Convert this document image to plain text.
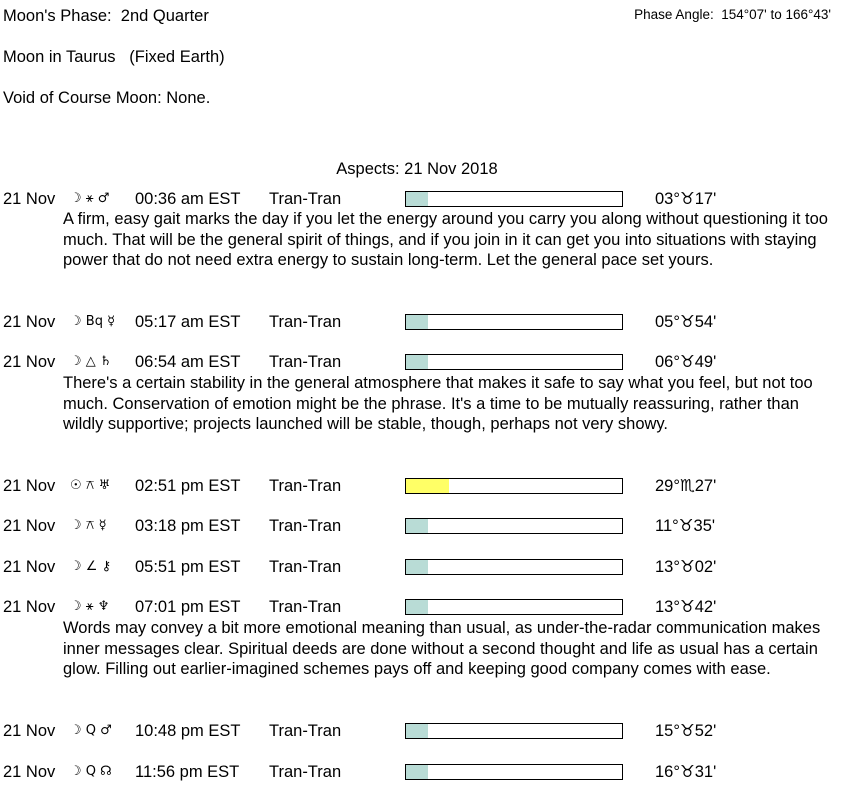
Moon's Phase:  2nd Quarter
Moon in Taurus   (Fixed Earth)
Void of Course Moon: None.
Phase Angle:  154°07' to 166°43'
Aspects: 21 Nov 2018
21 Nov ☽ ⚹ ♂ 00:36 am EST Tran-Tran	03°♉17'
A firm, easy gait marks the day if you let the energy around you carry you along without questioning it too much. That will be the general spirit of things, and if you join in it can get you into situations with staying power that do not need extra energy to sustain long-term. Let the general pace set yours.
21 Nov ☽ Bq ☿ 05:17 am EST Tran-Tran	05°♉54'
21 Nov ☽ △ ♄ 06:54 am EST Tran-Tran	06°♉49'
There's a certain stability in the general atmosphere that makes it safe to say what you feel, but not too much. Conservation of emotion might be the phrase. It's a time to be mutually reassuring, rather than wildly supportive; projects launched will be stable, though, perhaps not very showy.
21 Nov ☉ ⚻ ♅ 02:51 pm EST Tran-Tran	29°♏27'
21 Nov ☽ ⚻ ☿ 03:18 pm EST Tran-Tran	11°♉35'
21 Nov ☽ ∠ ⚷ 05:51 pm EST Tran-Tran	13°♉02'
21 Nov ☽ ⚹ ♆ 07:01 pm EST Tran-Tran	13°♉42'
Words may convey a bit more emotional meaning than usual, as under-the-radar communication makes inner messages clear. Spiritual deeds are done without a second thought and life as usual has a certain glow. Filling out earlier-imagined schemes pays off and keeping good company comes with ease.
21 Nov ☽ Q ♂ 10:48 pm EST Tran-Tran	15°♉52'
21 Nov ☽ Q ☊ 11:56 pm EST Tran-Tran	16°♉31'
